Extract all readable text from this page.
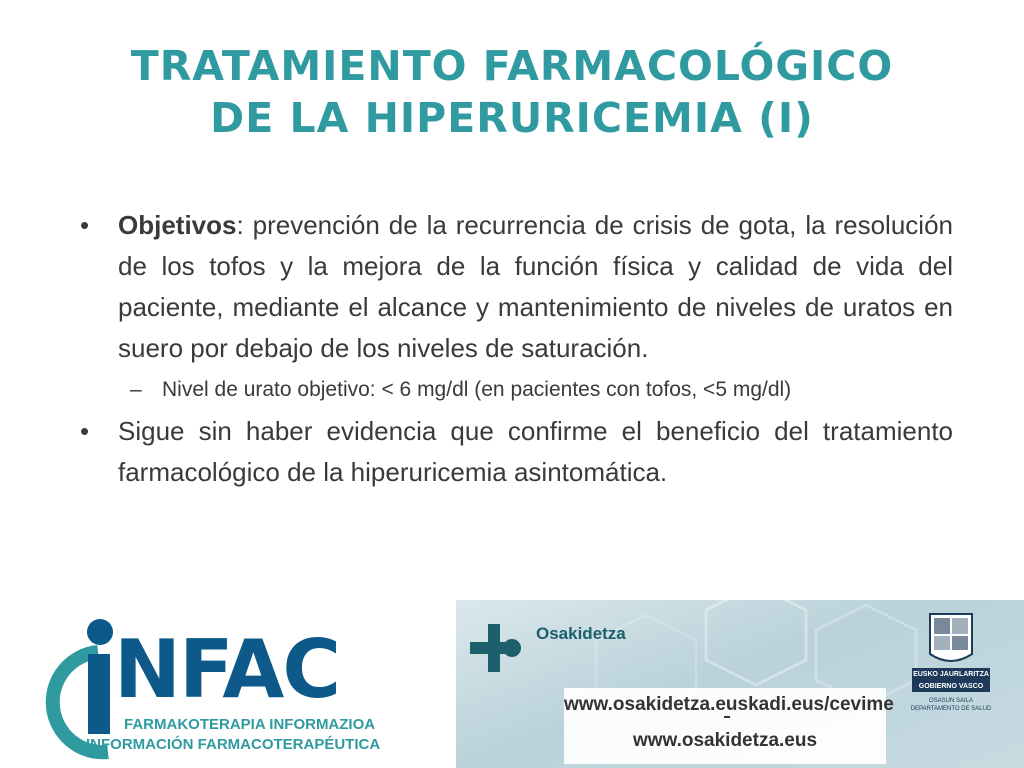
TRATAMIENTO FARMACOLÓGICO
DE LA HIPERURICEMIA (I)
• Objetivos: prevención de la recurrencia de crisis de gota, la resolución de los tofos y la mejora de la función física y calidad de vida del paciente, mediante el alcance y mantenimiento de niveles de uratos en suero por debajo de los niveles de saturación.
– Nivel de urato objetivo: < 6 mg/dl (en pacientes con tofos, <5 mg/dl)
• Sigue sin haber evidencia que confirme el beneficio del tratamiento farmacológico de la hiperuricemia asintomática.
NFAC
FARMAKOTERAPIA INFORMAZIOA
INFORMACIÓN FARMACOTERAPÉUTICA
Osakidetza
www.osakidetza.euskadi.eus/cevime
www.osakidetza.eus
EUSKO JAURLARITZA
GOBIERNO VASCO
OSASUN SAILA
DEPARTAMENTO DE SALUD
